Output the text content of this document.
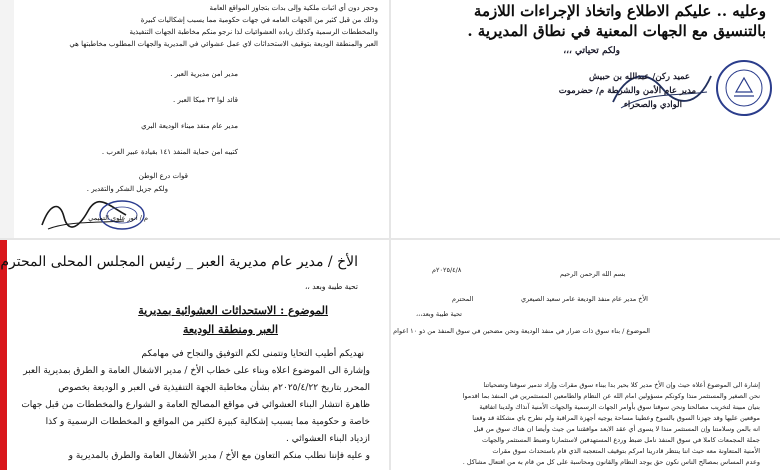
وحجز دون أي اثبات ملكية وإلى بدات بتجاوز المواقع العامة
وذلك من قبل كثير من الجهات العامه في جهات حكومية مما يسبب إشكاليات كبيرة
والمخططات الرسمية وكذلك زياده العشوائيات لذا نرجو منكم مخاطبة الجهات التنفيذية
العبر والمنطقة الوديعة بتوقيف الاستحداثات لاي عمل عشوائي في المديرية والجهات المطلوب مخاطبتها هي
مدير امن مديرية العبر .
قائد لوا ٢٣ ميكا العبر .
مدير عام منفذ ميناء الوديعة البري
كتيبه امن حماية المنفذ ١٤١ بقيادة عبير العرب .
قوات درع الوطن
ولكم جزيل الشكر والتقدير .
م / انور علوي التميمي
وعليه .. عليكم الاطلاع واتخاذ الإجراءات اللازمة
بالتنسيق مع الجهات المعنية في نطاق المديرية .
ولكم تحياتي ،،،
عميد ركن/ عبدالله بن حبيش
مدير عام الأمن والشرطة م/ حضرموت
الوادي والصحراء
الأخ / مدير عام مديرية العبر _ رئيس المجلس المحلى المحترم
تحية طيبة وبعد ،،
الموضوع : الاستحداثات العشوائية بمديرية
العبر ومنطقة الوديعة
نهديكم أطيب التحايا ونتمنى لكم التوفيق والنجاح في مهامكم
وإشارة الى الموضوع اعلاه وبناء على خطاب الأخ / مدير الاشغال العامة و الطرق بمديرية العبر
المحرر بتاريخ ٢٠٢٥/٤/٢٢م بشأن مخاطبة الجهة التنفيذية في العبر و الوديعة بخصوص
ظاهرة انتشار البناء العشوائي في مواقع المصالح العامة و الشوارع والمخططات من قبل جهات
خاصة و حكومية مما يسبب إشكالية كبيرة لكثير من المواقع و المخططات الرسمية و كذا
ازدياد البناء العشوائي .
و عليه فإننا نطلب منكم التعاون مع الأخ / مدير الأشغال العامة والطرق بالمديرية و
بسم الله الرحمن الرحيم
٢٠٢٥/٤/٨م
الأخ مدير عام منفذ الوديعة عامر سعيد الصيعري
المحترم
تحية طيبة وبعد،،،
الموضوع / بناء سوق ذات ضرار في منفذ الوديعة ونحن مضحين في سوق المنفذ من ذو ١٠ اعوام
إشارة الى الموضوع أعلاه حيث وإن الأخ مدير كلا بحير بدا ببناء سوق مقرات وإراد تدمير سوقنا وتضحياتنا
نحن الصغير والمستثمر منذا وكونكم مسؤولين امام الله عن النظام والطامعين المستثمرين في المنفذ بما اقدموا
بنيان مبينة لتخريب مصالحنا ونحن سوقنا سوق بأوامر الجهات الرسمية والجهات الأمنية آنذاك ولدينا اتفاقية
موقعين عليها وقد جهزنا السوق بالسوخ وعطينا مساحة يوجيه أجهزة المراقبة ولم نطرح باي مشكلة قد وقعنا
انه بالمن وسلامتنا وإن المستثمر منذا لا يسوى أي عقد الابعد موافقتنا من جيث وأيضا ان هناك سوق من قبل
جملة المجمعات كاملا في سوق المنفذ نامل ضبط وردع المستهدفين لاستثمارنا وضبط المستثمر والجهات
الأمنية المتعاونة معه حيث اننا ينتظر قادرينا امركم بتوقيف المتعجبه الذي قام باستحداث سوق مقرات
وعدم المساس بمصالح الناس نكون حق يوجد النظام والقانون ومحاسبة على كل من قام به من افتعال مشاكل .
